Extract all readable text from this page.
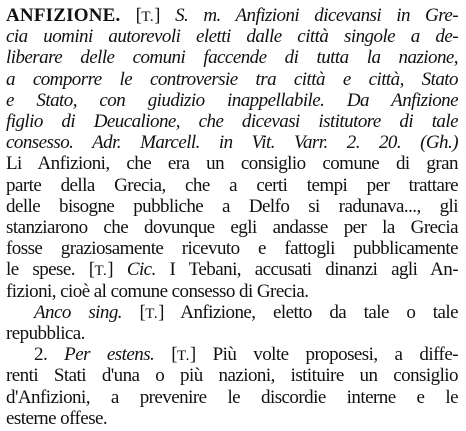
ANFIZIONE. [T.] S. m. Anfizioni dicevansi in Gre-
cia uomini autorevoli eletti dalle città singole a de-
liberare delle comuni faccende di tutta la nazione,
a comporre le controversie tra città e città, Stato
e Stato, con giudizio inappellabile. Da Anfizione
figlio di Deucalione, che dicevasi istitutore di tale
consesso. Adr. Marcell. in Vit. Varr. 2. 20. (Gh.)
Li Anfizioni, che era un consiglio comune di gran
parte della Grecia, che a certi tempi per trattare
delle bisogne pubbliche a Delfo si radunava..., gli
stanziarono che dovunque egli andasse per la Grecia
fosse graziosamente ricevuto e fattogli pubblicamente
le spese. [T.] Cic. I Tebani, accusati dinanzi agli An-
fizioni, cioè al comune consesso di Grecia.
Anco sing. [T.] Anfizione, eletto da tale o tale
repubblica.
2. Per estens. [T.] Più volte proposesi, a diffe-
renti Stati d'una o più nazioni, istituire un consiglio
d'Anfizioni, a prevenire le discordie interne e le
esterne offese.
